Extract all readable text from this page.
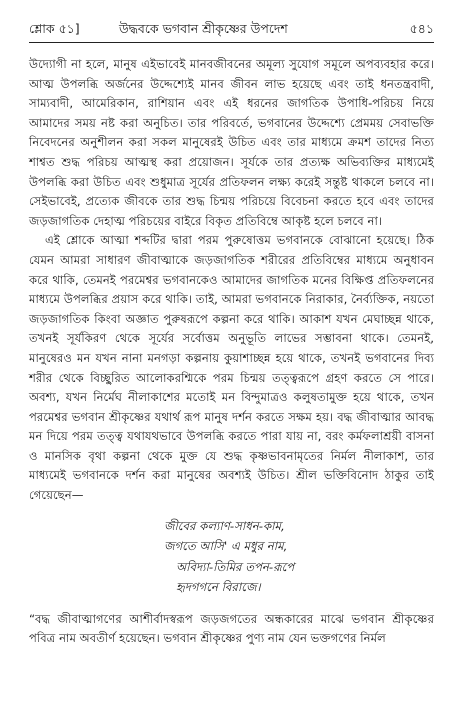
শ্লোক ৫১]	উদ্ধবকে ভগবান শ্রীকৃষ্ণের উপদেশ	৫৪১

উদ্যোগী না হলে, মানুষ এইভাবেই মানবজীবনের অমূল্য সুযোগ সমূলে অপব্যবহার করে। আত্ম উপলব্ধি অর্জনের উদ্দেশ্যেই মানব জীবন লাভ হয়েছে এবং তাই ধনতন্ত্রবাদী, সাম্যবাদী, আমেরিকান, রাশিয়ান এবং এই ধরনের জাগতিক উপাধি-পরিচয় নিয়ে আমাদের সময় নষ্ট করা অনুচিত। তার পরিবর্তে, ভগবানের উদ্দেশ্যে প্রেমময় সেবাভক্তি নিবেদনের অনুশীলন করা সকল মানুষেরই উচিত এবং তার মাধ্যমে ক্রমশ তাদের নিত্য শাশ্বত শুদ্ধ পরিচয় আত্মস্থ করা প্রয়োজন। সূর্যকে তার প্রত্যক্ষ অভিব্যক্তির মাধ্যমেই উপলব্ধি করা উচিত এবং শুধুমাত্র সূর্যের প্রতিফলন লক্ষ্য করেই সন্তুষ্ট থাকলে চলবে না। সেইভাবেই, প্রত্যেক জীবকে তার শুদ্ধ চিন্ময় পরিচয়ে বিবেচনা করতে হবে এবং তাদের জড়জাগতিক দেহাত্ম পরিচয়ের বাইরে বিকৃত প্রতিবিম্বে আকৃষ্ট হলে চলবে না।

এই শ্লোকে আত্মা শব্দটির দ্বারা পরম পুরুষোত্তম ভগবানকে বোঝানো হয়েছে। ঠিক যেমন আমরা সাধারণ জীবাত্মাকে জড়জাগতিক শরীরের প্রতিবিম্বের মাধ্যমে অনুধাবন করে থাকি, তেমনই পরমেশ্বর ভগবানকেও আমাদের জাগতিক মনের বিক্ষিপ্ত প্রতিফলনের মাধ্যমে উপলব্ধির প্রয়াস করে থাকি। তাই, আমরা ভগবানকে নিরাকার, নৈর্ব্যক্তিক, নয়তো জড়জাগতিক কিংবা অজ্ঞাত পুরুষরূপে কল্পনা করে থাকি। আকাশ যখন মেঘাচ্ছন্ন থাকে, তখনই সূর্যকিরণ থেকে সূর্যের সর্বোত্তম অনুভূতি লাভের সম্ভাবনা থাকে। তেমনই, মানুষেরও মন যখন নানা মনগড়া কল্পনায় কুয়াশাচ্ছন্ন হয়ে থাকে, তখনই ভগবানের দিব্য শরীর থেকে বিচ্ছুরিত আলোকরশ্মিকে পরম চিন্ময় তত্ত্বরূপে গ্রহণ করতে সে পারে। অবশ্য, যখন নির্মেঘ নীলাকাশের মতোই মন বিন্দুমাত্রও কলুষতামুক্ত হয়ে থাকে, তখন পরমেশ্বর ভগবান শ্রীকৃষ্ণের যথার্থ রূপ মানুষ দর্শন করতে সক্ষম হয়। বদ্ধ জীবাত্মার আবদ্ধ মন দিয়ে পরম তত্ত্ব যথাযথভাবে উপলব্ধি করতে পারা যায় না, বরং কর্মফলাশ্রয়ী বাসনা ও মানসিক বৃথা কল্পনা থেকে মুক্ত যে শুদ্ধ কৃষ্ণভাবনামৃতের নির্মল নীলাকাশ, তার মাধ্যমেই ভগবানকে দর্শন করা মানুষের অবশ্যই উচিত। শ্রীল ভক্তিবিনোদ ঠাকুর তাই গেয়েছেন—

জীবের কল্যাণ-সাধন-কাম,
জগতে আসি' এ মধুর নাম,
অবিদ্যা-তিমির তপন-রূপে
হৃদগগনে বিরাজে।

“বদ্ধ জীবাত্মাগণের আশীর্বাদস্বরূপ জড়জগতের অন্ধকারের মাঝে ভগবান শ্রীকৃষ্ণের পবিত্র নাম অবতীর্ণ হয়েছেন। ভগবান শ্রীকৃষ্ণের পুণ্য নাম যেন ভক্তগণের নির্মল
